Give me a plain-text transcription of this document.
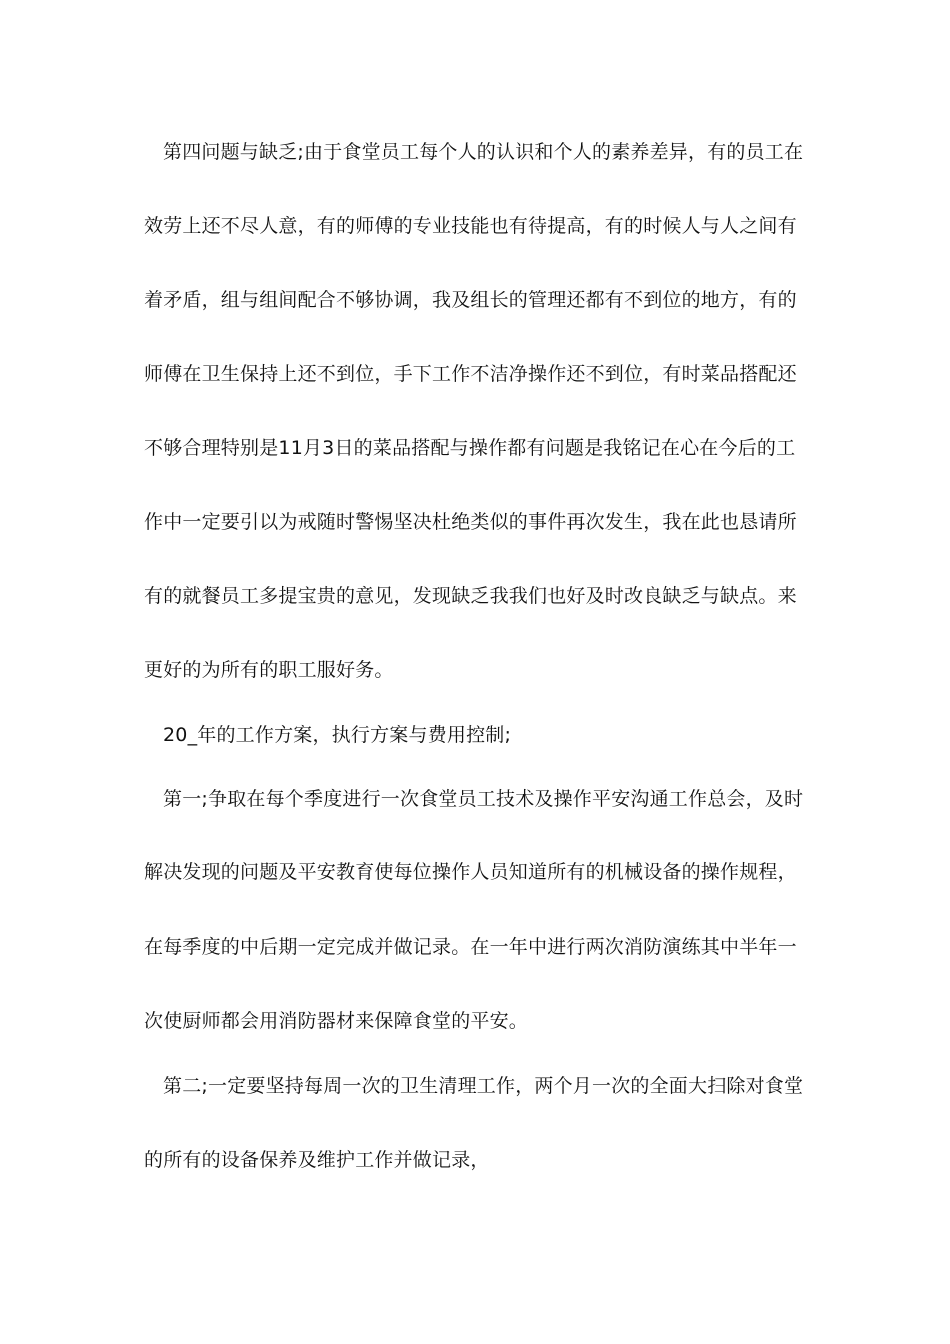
第四问题与缺乏;由于食堂员工每个人的认识和个人的素养差异，有的员工在
效劳上还不尽人意，有的师傅的专业技能也有待提高，有的时候人与人之间有
着矛盾，组与组间配合不够协调，我及组长的管理还都有不到位的地方，有的
师傅在卫生保持上还不到位，手下工作不洁净操作还不到位，有时菜品搭配还
不够合理特别是11月3日的菜品搭配与操作都有问题是我铭记在心在今后的工
作中一定要引以为戒随时警惕坚决杜绝类似的事件再次发生，我在此也恳请所
有的就餐员工多提宝贵的意见，发现缺乏我我们也好及时改良缺乏与缺点。来
更好的为所有的职工服好务。
20_年的工作方案，执行方案与费用控制;
第一;争取在每个季度进行一次食堂员工技术及操作平安沟通工作总会，及时
解决发现的问题及平安教育使每位操作人员知道所有的机械设备的操作规程，
在每季度的中后期一定完成并做记录。在一年中进行两次消防演练其中半年一
次使厨师都会用消防器材来保障食堂的平安。
第二;一定要坚持每周一次的卫生清理工作，两个月一次的全面大扫除对食堂
的所有的设备保养及维护工作并做记录，
